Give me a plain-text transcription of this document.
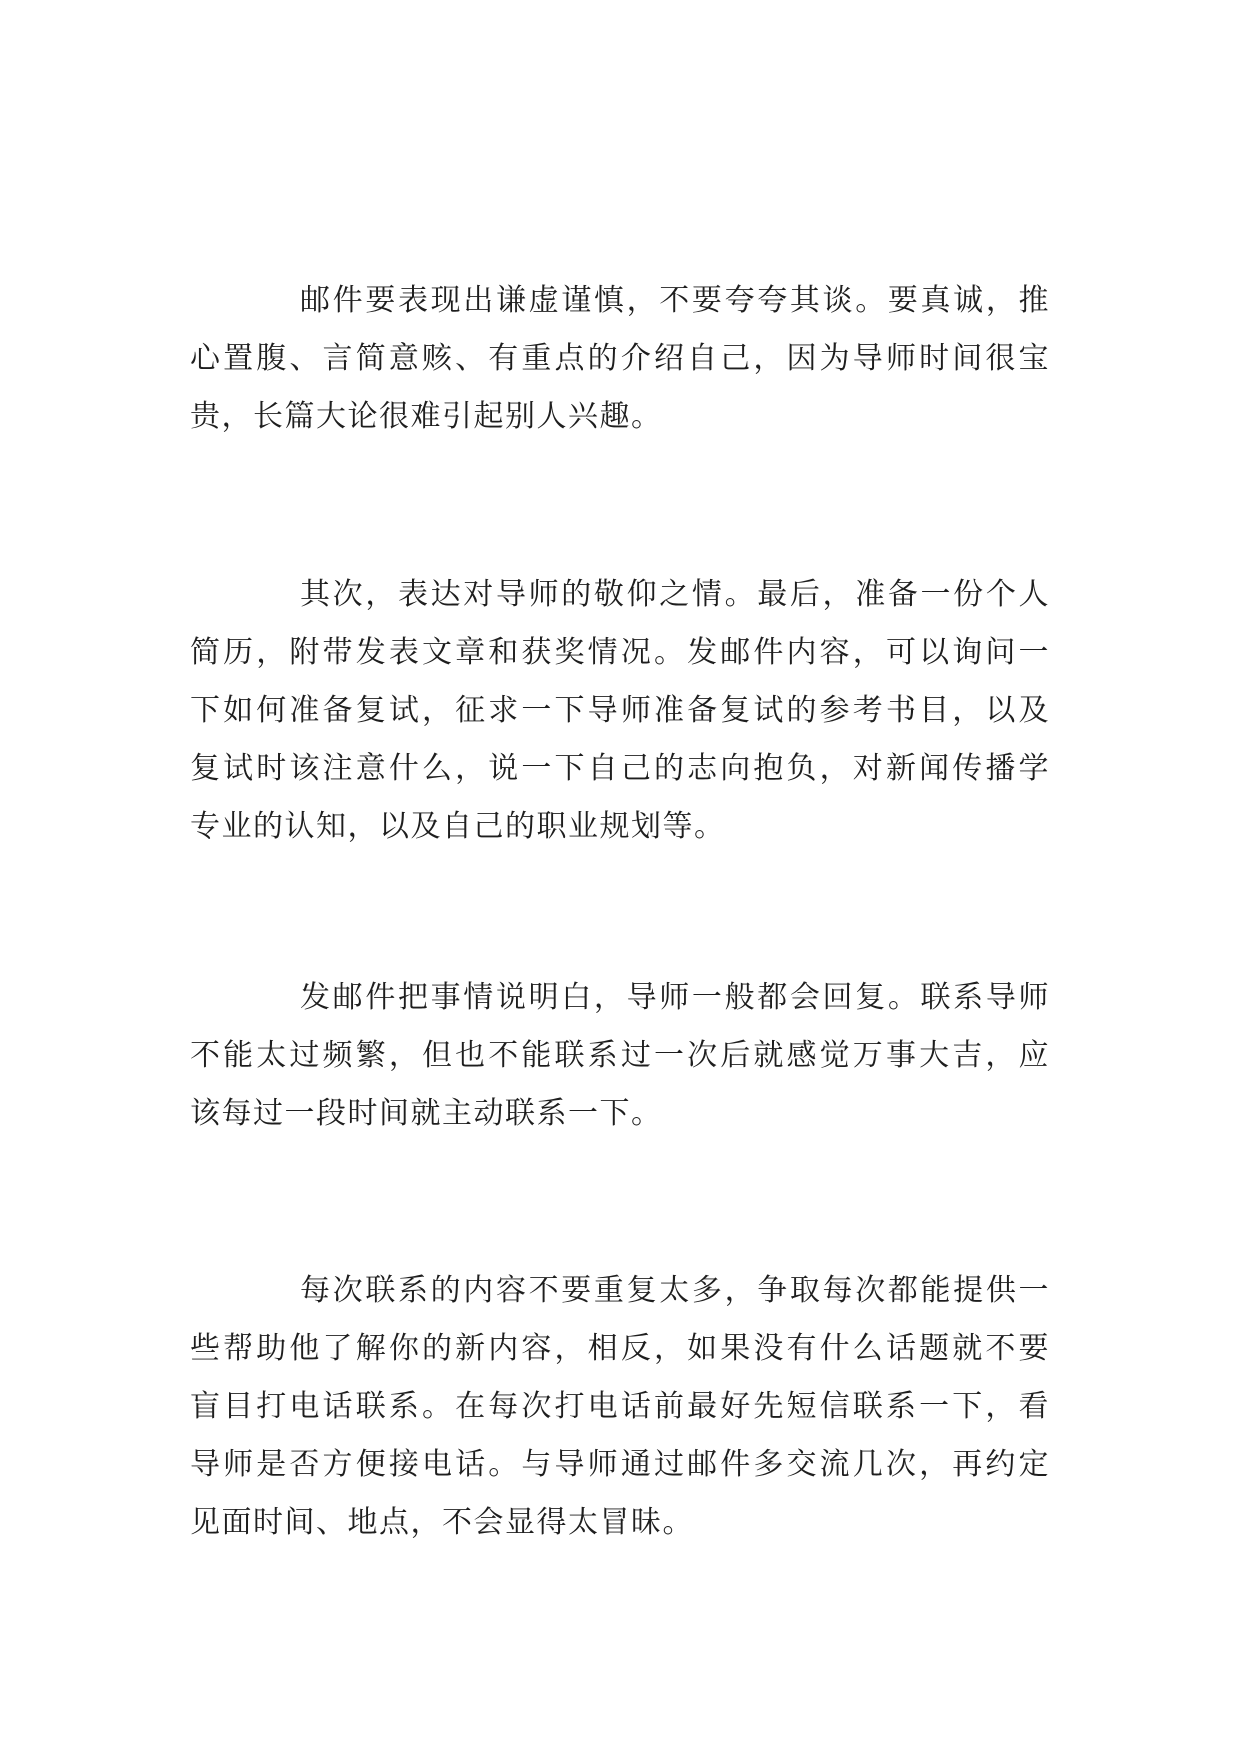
邮件要表现出谦虚谨慎，不要夸夸其谈。要真诚，推
心置腹、言简意赅、有重点的介绍自己，因为导师时间很宝
贵，长篇大论很难引起别人兴趣。
其次，表达对导师的敬仰之情。最后，准备一份个人
简历，附带发表文章和获奖情况。发邮件内容，可以询问一
下如何准备复试，征求一下导师准备复试的参考书目，以及
复试时该注意什么，说一下自己的志向抱负，对新闻传播学
专业的认知，以及自己的职业规划等。
发邮件把事情说明白，导师一般都会回复。联系导师
不能太过频繁，但也不能联系过一次后就感觉万事大吉，应
该每过一段时间就主动联系一下。
每次联系的内容不要重复太多，争取每次都能提供一
些帮助他了解你的新内容，相反，如果没有什么话题就不要
盲目打电话联系。在每次打电话前最好先短信联系一下，看
导师是否方便接电话。与导师通过邮件多交流几次，再约定
见面时间、地点，不会显得太冒昧。
